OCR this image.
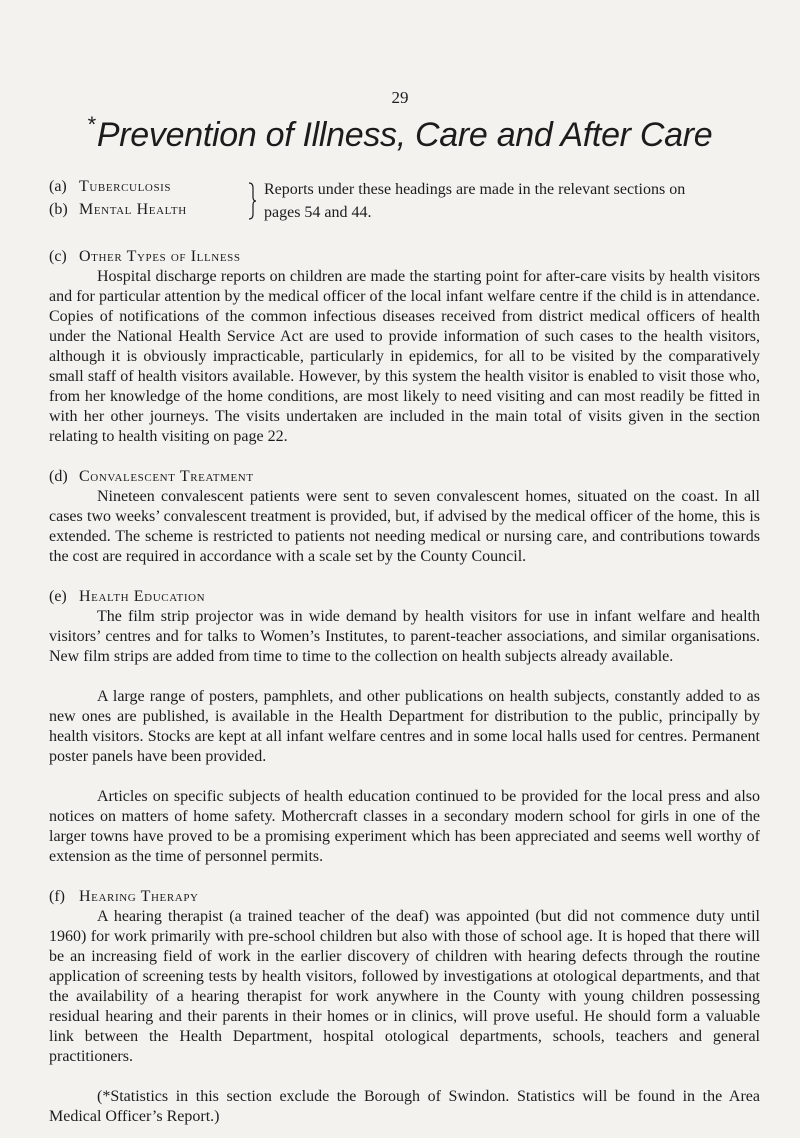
29
*Prevention of Illness, Care and After Care
(a) Tuberculosis
(b) Mental Health
Reports under these headings are made in the relevant sections on
pages 54 and 44.
(c) Other Types of Illness

Hospital discharge reports on children are made the starting point for after-care visits by health visitors and for particular attention by the medical officer of the local infant welfare centre if the child is in attendance. Copies of notifications of the common infectious diseases received from district medical officers of health under the National Health Service Act are used to provide information of such cases to the health visitors, although it is obviously impracticable, particularly in epidemics, for all to be visited by the comparatively small staff of health visitors available. However, by this system the health visitor is enabled to visit those who, from her knowledge of the home conditions, are most likely to need visiting and can most readily be fitted in with her other journeys. The visits undertaken are included in the main total of visits given in the section relating to health visiting on page 22.

(d) Convalescent Treatment

Nineteen convalescent patients were sent to seven convalescent homes, situated on the coast. In all cases two weeks’ convalescent treatment is provided, but, if advised by the medical officer of the home, this is extended. The scheme is restricted to patients not needing medical or nursing care, and contributions towards the cost are required in accordance with a scale set by the County Council.

(e) Health Education

The film strip projector was in wide demand by health visitors for use in infant welfare and health visitors’ centres and for talks to Women’s Institutes, to parent-teacher associations, and similar organisations. New film strips are added from time to time to the collection on health subjects already available.

A large range of posters, pamphlets, and other publications on health subjects, constantly added to as new ones are published, is available in the Health Department for distribution to the public, principally by health visitors. Stocks are kept at all infant welfare centres and in some local halls used for centres. Permanent poster panels have been provided.

Articles on specific subjects of health education continued to be provided for the local press and also notices on matters of home safety. Mothercraft classes in a secondary modern school for girls in one of the larger towns have proved to be a promising experiment which has been appreciated and seems well worthy of extension as the time of personnel permits.

(f) Hearing Therapy

A hearing therapist (a trained teacher of the deaf) was appointed (but did not commence duty until 1960) for work primarily with pre-school children but also with those of school age. It is hoped that there will be an increasing field of work in the earlier discovery of children with hearing defects through the routine application of screening tests by health visitors, followed by investigations at otological departments, and that the availability of a hearing therapist for work anywhere in the County with young children possessing residual hearing and their parents in their homes or in clinics, will prove useful. He should form a valuable link between the Health Department, hospital otological departments, schools, teachers and general practitioners.

(*Statistics in this section exclude the Borough of Swindon. Statistics will be found in the Area Medical Officer’s Report.)
